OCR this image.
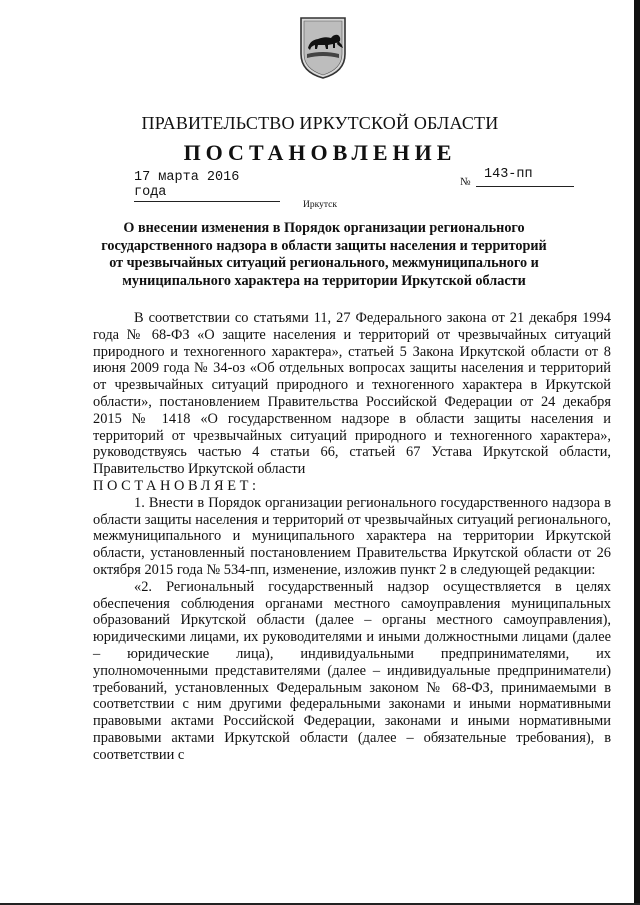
ПРАВИТЕЛЬСТВО ИРКУТСКОЙ ОБЛАСТИ
ПОСТАНОВЛЕНИЕ
17 марта 2016 года
№	143-пп
Иркутск
О внесении изменения в Порядок организации регионального государственного надзора в области защиты населения и территорий от чрезвычайных ситуаций регионального, межмуниципального и муниципального характера на территории Иркутской области

В соответствии со статьями 11, 27 Федерального закона от 21 декабря 1994 года № 68-ФЗ «О защите населения и территорий от чрезвычайных ситуаций природного и техногенного характера», статьей 5 Закона Иркутской области от 8 июня 2009 года № 34-оз «Об отдельных вопросах защиты населения и территорий от чрезвычайных ситуаций природного и техногенного характера в Иркутской области», постановлением Правительства Российской Федерации от 24 декабря 2015 № 1418 «О государственном надзоре в области защиты населения и территорий от чрезвычайных ситуаций природного и техногенного характера», руководствуясь частью 4 статьи 66, статьей 67 Устава Иркутской области, Правительство Иркутской области

ПОСТАНОВЛЯЕТ:

1. Внести в Порядок организации регионального государственного надзора в области защиты населения и территорий от чрезвычайных ситуаций регионального, межмуниципального и муниципального характера на территории Иркутской области, установленный постановлением Правительства Иркутской области от 26 октября 2015 года № 534-пп, изменение, изложив пункт 2 в следующей редакции:

«2. Региональный государственный надзор осуществляется в целях обеспечения соблюдения органами местного самоуправления муниципальных образований Иркутской области (далее – органы местного самоуправления), юридическими лицами, их руководителями и иными должностными лицами (далее – юридические лица), индивидуальными предпринимателями, их уполномоченными представителями (далее – индивидуальные предприниматели) требований, установленных Федеральным законом № 68-ФЗ, принимаемыми в соответствии с ним другими федеральными законами и иными нормативными правовыми актами Российской Федерации, законами и иными нормативными правовыми актами Иркутской области (далее – обязательные требования), в соответствии с
